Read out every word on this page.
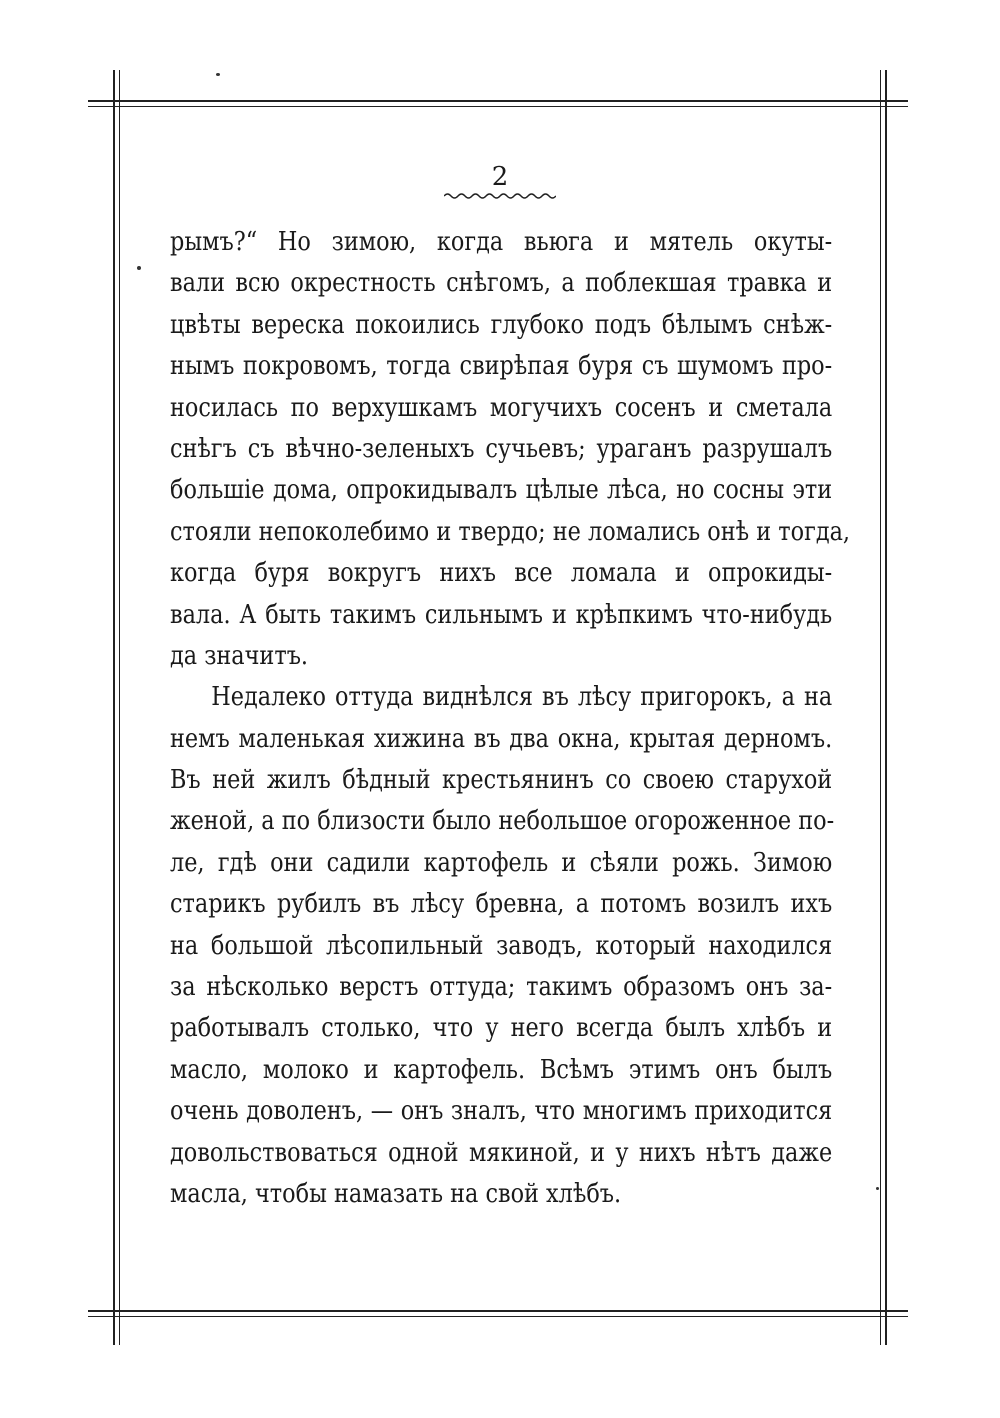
2
рымъ?“ Но зимою, когда вьюга и мятель окуты-
вали всю окрестность снѣгомъ, а поблекшая травка и
цвѣты вереска покоились глубоко подъ бѣлымъ снѣж-
нымъ покровомъ, тогда свирѣпая буря съ шумомъ про-
носилась по верхушкамъ могучихъ сосенъ и сметала
снѣгъ съ вѣчно-зеленыхъ сучьевъ; ураганъ разрушалъ
большіе дома, опрокидывалъ цѣлые лѣса, но сосны эти
стояли непоколебимо и твердо; не ломались онѣ и тогда,
когда буря вокругъ нихъ все ломала и опрокиды-
вала. А быть такимъ сильнымъ и крѣпкимъ что-нибудь
да значитъ.
Недалеко оттуда виднѣлся въ лѣсу пригорокъ, а на
немъ маленькая хижина въ два окна, крытая дерномъ.
Въ ней жилъ бѣдный крестьянинъ со своею старухой
женой, а по близости было небольшое огороженное по-
ле, гдѣ они садили картофель и сѣяли рожь. Зимою
старикъ рубилъ въ лѣсу бревна, а потомъ возилъ ихъ
на большой лѣсопильный заводъ, который находился
за нѣсколько верстъ оттуда; такимъ образомъ онъ за-
работывалъ столько, что у него всегда былъ хлѣбъ и
масло, молоко и картофель. Всѣмъ этимъ онъ былъ
очень доволенъ, — онъ зналъ, что многимъ приходится
довольствоваться одной мякиной, и у нихъ нѣтъ даже
масла, чтобы намазать на свой хлѣбъ.
